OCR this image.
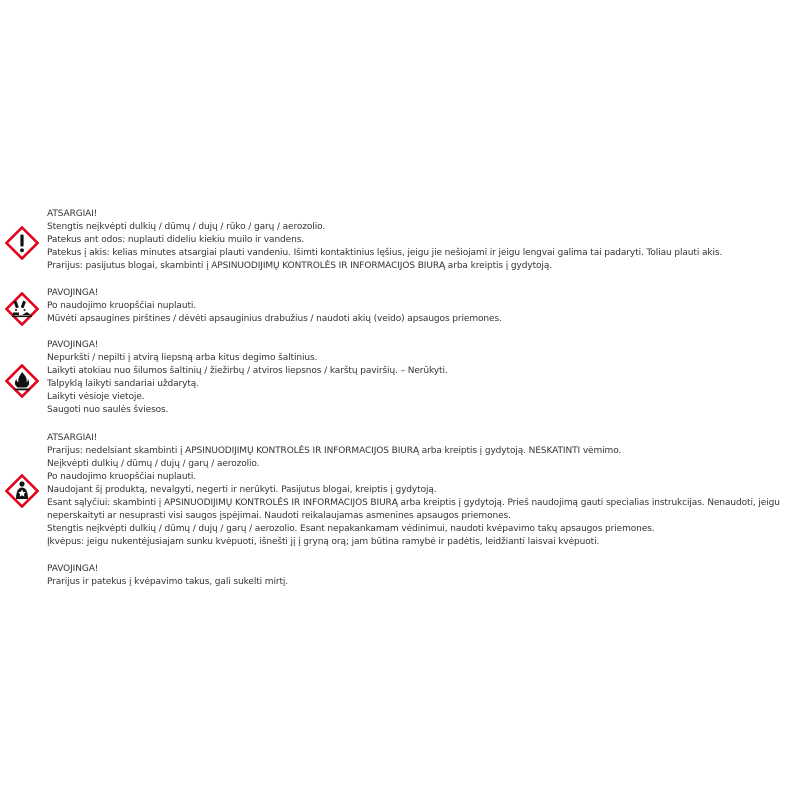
ATSARGIAI!
Stengtis neįkvėpti dulkių / dūmų / dujų / rūko / garų / aerozolio.
Patekus ant odos: nuplauti dideliu kiekiu muilo ir vandens.
Patekus į akis: kelias minutes atsargiai plauti vandeniu. Išimti kontaktinius lęšius, jeigu jie nešiojami ir jeigu lengvai galima tai padaryti. Toliau plauti akis.
Prarijus: pasijutus blogai, skambinti į APSINUODIJIMŲ KONTROLĖS IR INFORMACIJOS BIURĄ arba kreiptis į gydytoją.
PAVOJINGA!
Po naudojimo kruopščiai nuplauti.
Mūvėti apsaugines pirštines / dėvėti apsauginius drabužius / naudoti akių (veido) apsaugos priemones.
PAVOJINGA!
Nepurkšti / nepilti į atvirą liepsną arba kitus degimo šaltinius.
Laikyti atokiau nuo šilumos šaltinių / žiežirbų / atviros liepsnos / karštų paviršių. – Nerūkyti.
Talpyklą laikyti sandariai uždarytą.
Laikyti vėsioje vietoje.
Saugoti nuo saulės šviesos.
ATSARGIAI!
Prarijus: nedelsiant skambinti į APSINUODIJIMŲ KONTROLĖS IR INFORMACIJOS BIURĄ arba kreiptis į gydytoją. NESKATINTI vėmimo.
Neįkvėpti dulkių / dūmų / dujų / garų / aerozolio.
Po naudojimo kruopščiai nuplauti.
Naudojant šį produktą, nevalgyti, negerti ir nerūkyti. Pasijutus blogai, kreiptis į gydytoją.
Esant sąlyčiui: skambinti į APSINUODIJIMŲ KONTROLĖS IR INFORMACIJOS BIURĄ arba kreiptis į gydytoją. Prieš naudojimą gauti specialias instrukcijas. Nenaudoti, jeigu neperskaityti ar nesuprasti visi saugos įspėjimai. Naudoti reikalaujamas asmenines apsaugos priemones.
Stengtis neįkvėpti dulkių / dūmų / dujų / garų / aerozolio. Esant nepakankamam vėdinimui, naudoti kvėpavimo takų apsaugos priemones.
Įkvėpus: jeigu nukentėjusiajam sunku kvėpuoti, išnešti jį į gryną orą; jam būtina ramybė ir padėtis, leidžianti laisvai kvėpuoti.
PAVOJINGA!
Prarijus ir patekus į kvėpavimo takus, gali sukelti mirtį.
